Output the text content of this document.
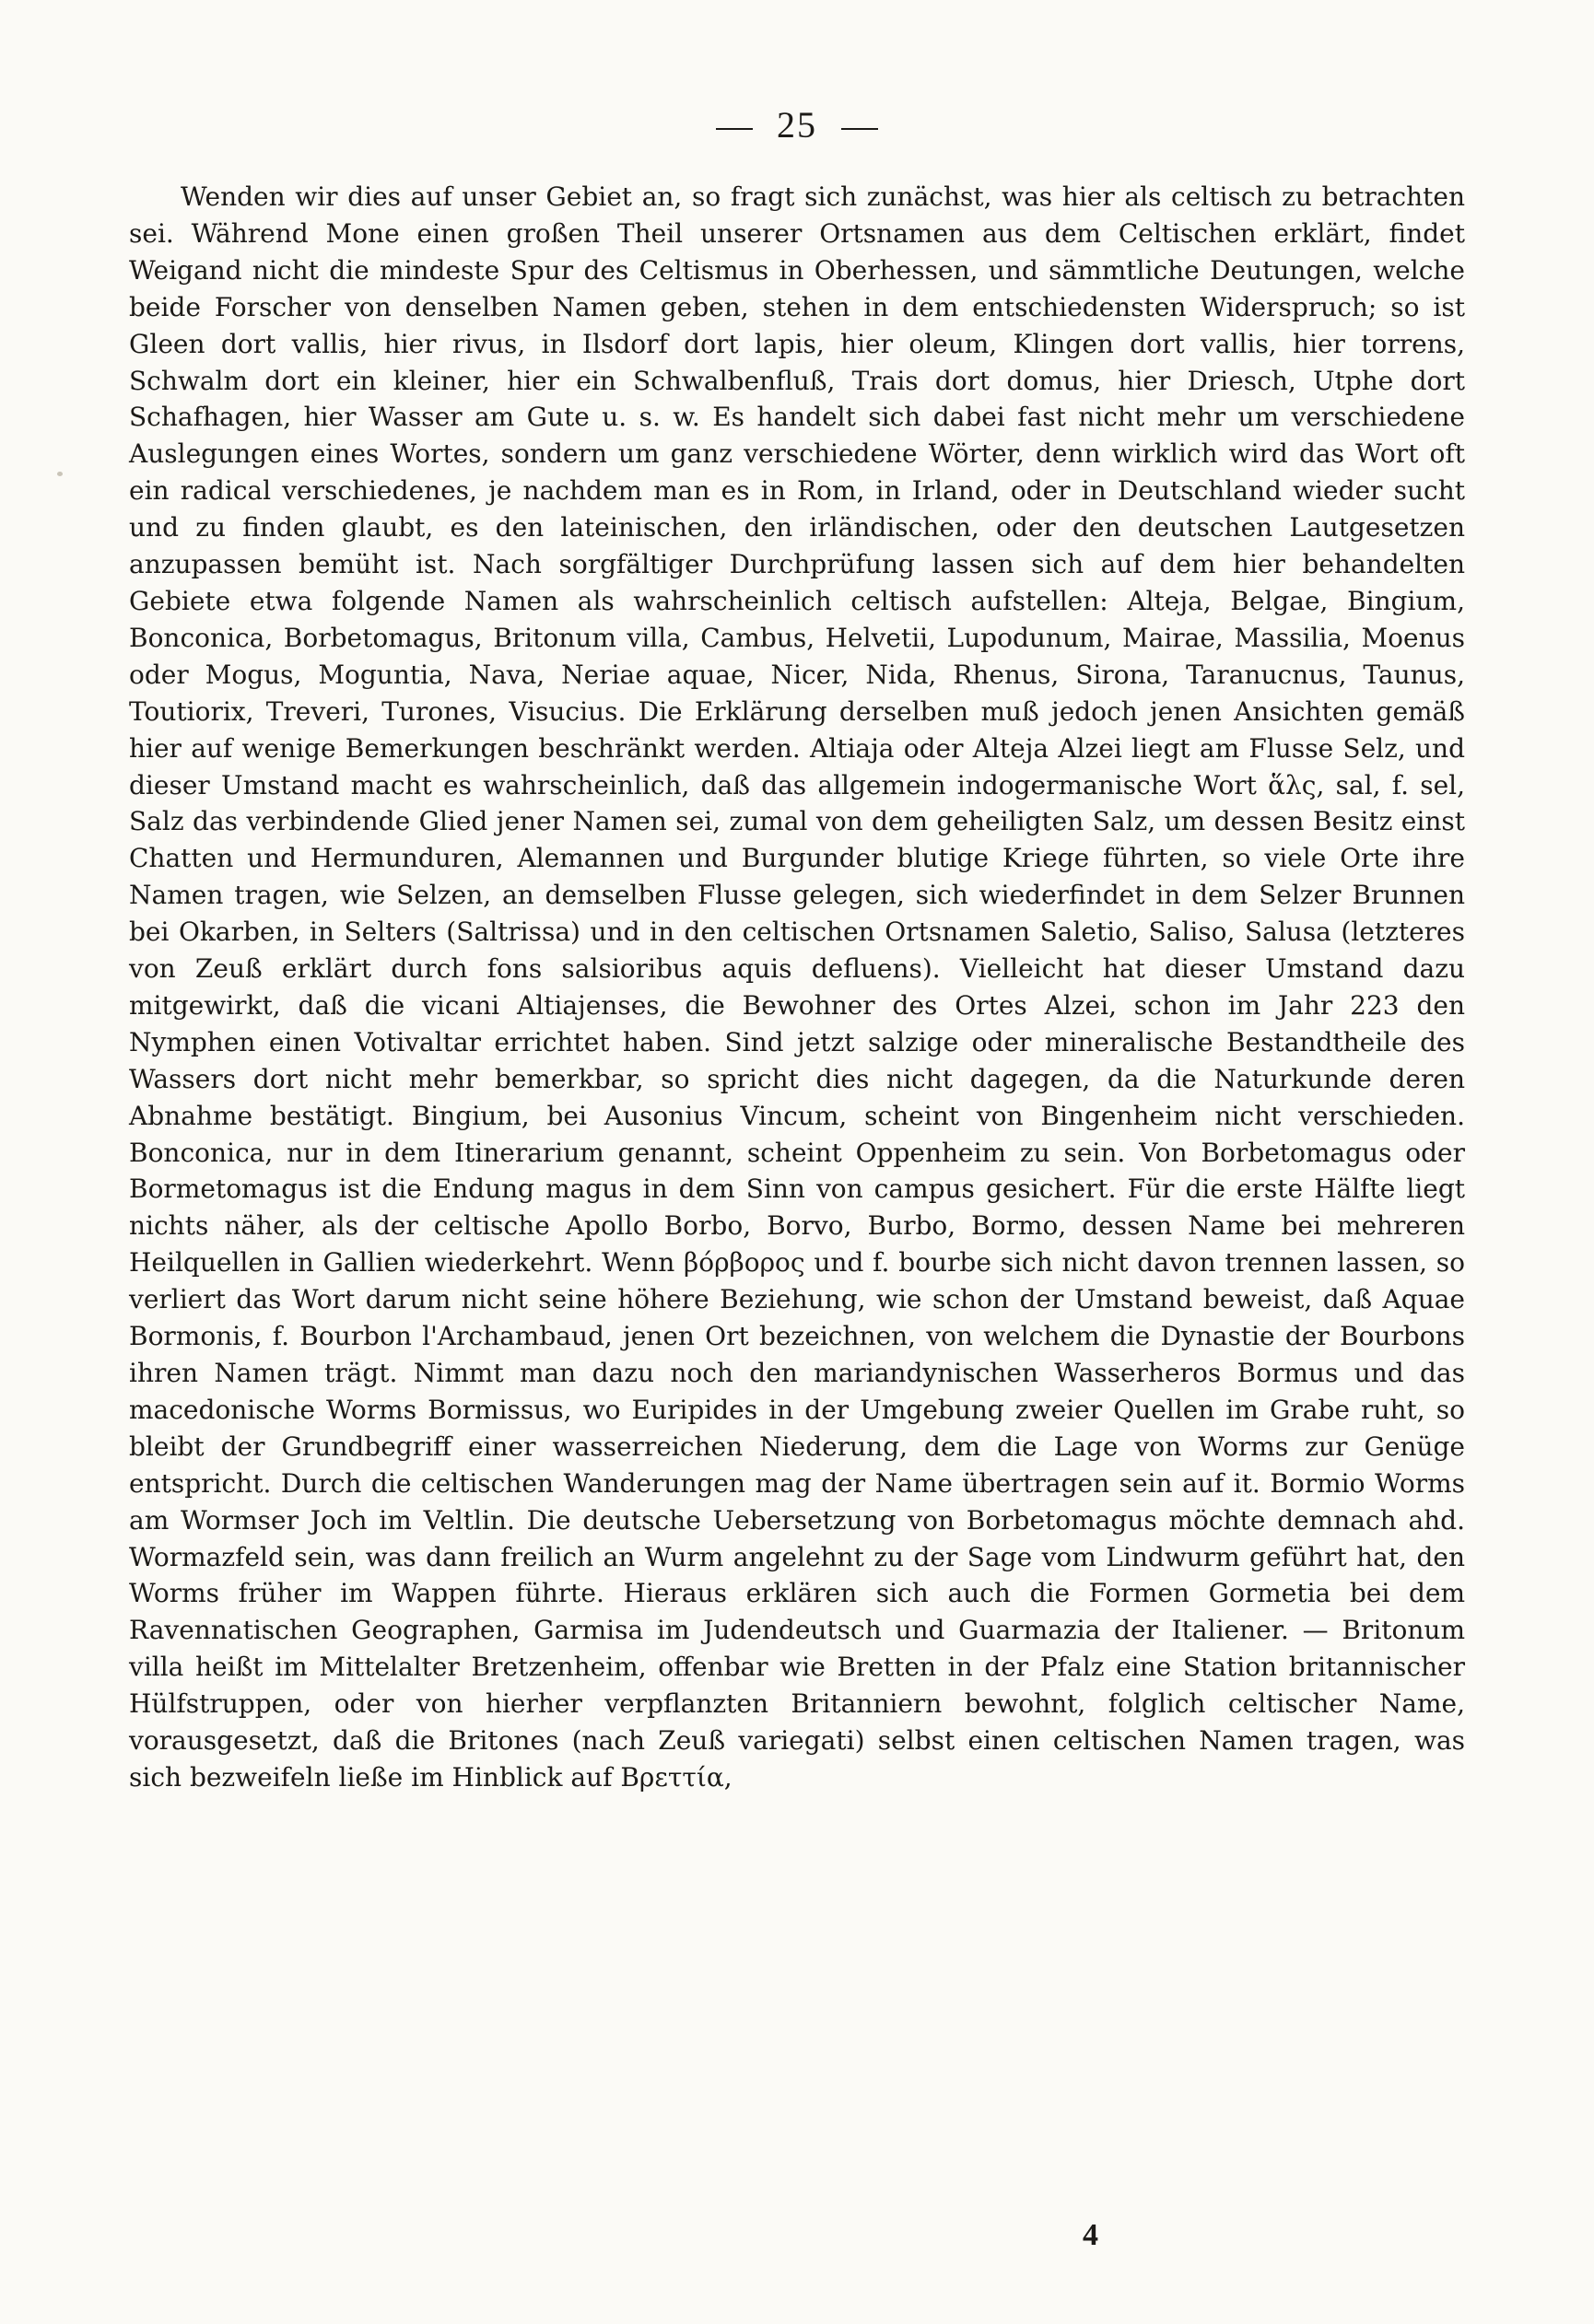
25

Wenden wir dies auf unser Gebiet an, so fragt sich zunächst, was hier als celtisch zu betrachten sei. Während Mone einen großen Theil unserer Ortsnamen aus dem Celtischen erklärt, findet Weigand nicht die mindeste Spur des Celtismus in Oberhessen, und sämmtliche Deutungen, welche beide Forscher von denselben Namen geben, stehen in dem entschiedensten Widerspruch; so ist Gleen dort vallis, hier rivus, in Ilsdorf dort lapis, hier oleum, Klingen dort vallis, hier torrens, Schwalm dort ein kleiner, hier ein Schwalbenfluß, Trais dort domus, hier Driesch, Utphe dort Schafhagen, hier Wasser am Gute u. s. w. Es handelt sich dabei fast nicht mehr um verschiedene Auslegungen eines Wortes, sondern um ganz verschiedene Wörter, denn wirklich wird das Wort oft ein radical verschiedenes, je nachdem man es in Rom, in Irland, oder in Deutschland wieder sucht und zu finden glaubt, es den lateinischen, den irländischen, oder den deutschen Lautgesetzen anzupassen bemüht ist. Nach sorgfältiger Durchprüfung lassen sich auf dem hier behandelten Gebiete etwa folgende Namen als wahrscheinlich celtisch aufstellen: Alteja, Belgae, Bingium, Bonconica, Borbetomagus, Britonum villa, Cambus, Helvetii, Lupodunum, Mairae, Massilia, Moenus oder Mogus, Moguntia, Nava, Neriae aquae, Nicer, Nida, Rhenus, Sirona, Taranucnus, Taunus, Toutiorix, Treveri, Turones, Visucius. Die Erklärung derselben muß jedoch jenen Ansichten gemäß hier auf wenige Bemerkungen beschränkt werden. Altiaja oder Alteja Alzei liegt am Flusse Selz, und dieser Umstand macht es wahrscheinlich, daß das allgemein indogermanische Wort ἅλς, sal, f. sel, Salz das verbindende Glied jener Namen sei, zumal von dem geheiligten Salz, um dessen Besitz einst Chatten und Hermunduren, Alemannen und Burgunder blutige Kriege führten, so viele Orte ihre Namen tragen, wie Selzen, an demselben Flusse gelegen, sich wiederfindet in dem Selzer Brunnen bei Okarben, in Selters (Saltrissa) und in den celtischen Ortsnamen Saletio, Saliso, Salusa (letzteres von Zeuß erklärt durch fons salsioribus aquis defluens). Vielleicht hat dieser Umstand dazu mitgewirkt, daß die vicani Altiajenses, die Bewohner des Ortes Alzei, schon im Jahr 223 den Nymphen einen Votivaltar errichtet haben. Sind jetzt salzige oder mineralische Bestandtheile des Wassers dort nicht mehr bemerkbar, so spricht dies nicht dagegen, da die Naturkunde deren Abnahme bestätigt. Bingium, bei Ausonius Vincum, scheint von Bingenheim nicht verschieden. Bonconica, nur in dem Itinerarium genannt, scheint Oppenheim zu sein. Von Borbetomagus oder Bormetomagus ist die Endung magus in dem Sinn von campus gesichert. Für die erste Hälfte liegt nichts näher, als der celtische Apollo Borbo, Borvo, Burbo, Bormo, dessen Name bei mehreren Heilquellen in Gallien wiederkehrt. Wenn βόρβορος und f. bourbe sich nicht davon trennen lassen, so verliert das Wort darum nicht seine höhere Beziehung, wie schon der Umstand beweist, daß Aquae Bormonis, f. Bourbon l'Archambaud, jenen Ort bezeichnen, von welchem die Dynastie der Bourbons ihren Namen trägt. Nimmt man dazu noch den mariandynischen Wasserheros Bormus und das macedonische Worms Bormissus, wo Euripides in der Umgebung zweier Quellen im Grabe ruht, so bleibt der Grundbegriff einer wasserreichen Niederung, dem die Lage von Worms zur Genüge entspricht. Durch die celtischen Wanderungen mag der Name übertragen sein auf it. Bormio Worms am Wormser Joch im Veltlin. Die deutsche Uebersetzung von Borbetomagus möchte demnach ahd. Wormazfeld sein, was dann freilich an Wurm angelehnt zu der Sage vom Lindwurm geführt hat, den Worms früher im Wappen führte. Hieraus erklären sich auch die Formen Gormetia bei dem Ravennatischen Geographen, Garmisa im Judendeutsch und Guarmazia der Italiener. — Britonum villa heißt im Mittelalter Bretzenheim, offenbar wie Bretten in der Pfalz eine Station britannischer Hülfstruppen, oder von hierher verpflanzten Britanniern bewohnt, folglich celtischer Name, vorausgesetzt, daß die Britones (nach Zeuß variegati) selbst einen celtischen Namen tragen, was sich bezweifeln ließe im Hinblick auf Βρεττία,

4
